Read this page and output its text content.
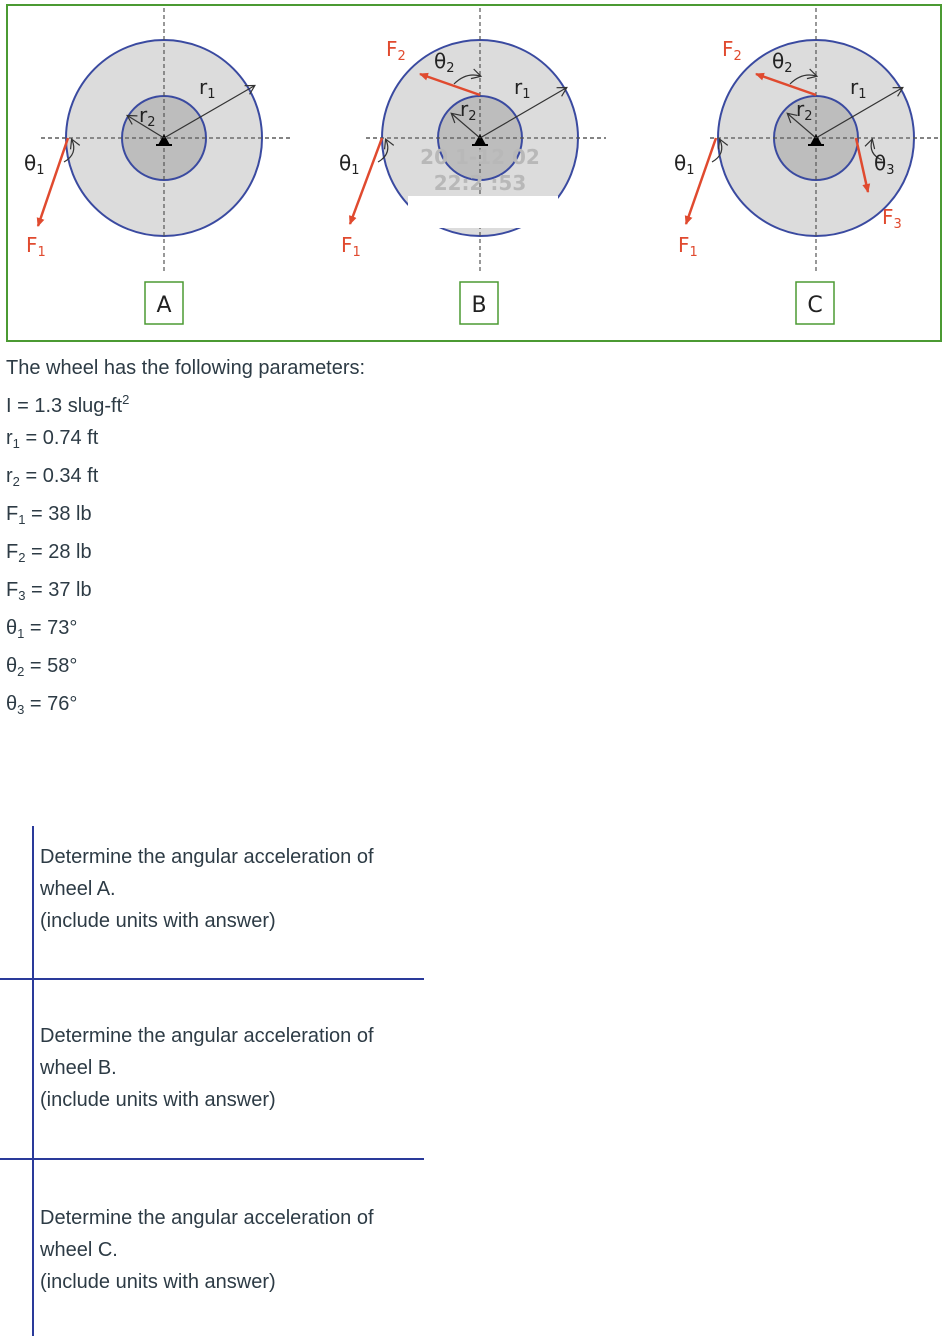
$r_1$
$r_2$
$\theta_1$
$F_1$
A
$r_1$
$r_2$
$\theta_2$
$F_2$
$\theta_1$
$F_1$
20 1-12 02
22:2 :53
B
$r_1$
$r_2$
$\theta_2$
$F_2$
$\theta_1$
$F_1$
$\theta_3$
$F_3$
C
The wheel has the following parameters:
I = 1.3 slug-$ft^2$
$r_1 = 0.74$ ft
$r_2 = 0.34$ ft
$F_1 = 38$ lb
$F_2 = 28$ lb
$F_3 = 37$ lb
$\theta_1 = 73^\circ$
$\theta_2 = 58^\circ$
$\theta_3 = 76^\circ$
Determine the angular acceleration of
wheel A.
(include units with answer)
Determine the angular acceleration of
wheel B.
(include units with answer)
Determine the angular acceleration of
wheel C.
(include units with answer)
